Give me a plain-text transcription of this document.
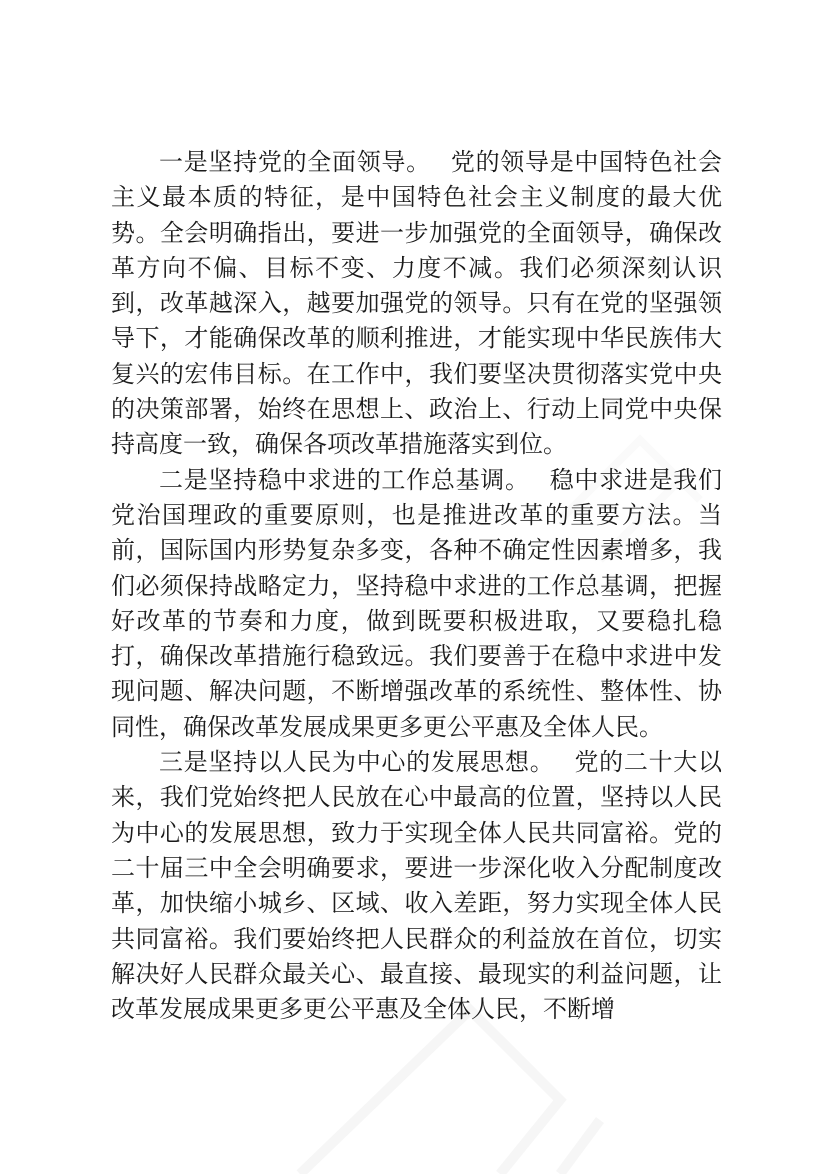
一是坚持党的全面领导。 党的领导是中国特色社会主义最本质的特征，是中国特色社会主义制度的最大优势。全会明确指出，要进一步加强党的全面领导，确保改革方向不偏、目标不变、力度不减。我们必须深刻认识到，改革越深入，越要加强党的领导。只有在党的坚强领导下，才能确保改革的顺利推进，才能实现中华民族伟大复兴的宏伟目标。在工作中，我们要坚决贯彻落实党中央的决策部署，始终在思想上、政治上、行动上同党中央保持高度一致，确保各项改革措施落实到位。

二是坚持稳中求进的工作总基调。 稳中求进是我们党治国理政的重要原则，也是推进改革的重要方法。当前，国际国内形势复杂多变，各种不确定性因素增多，我们必须保持战略定力，坚持稳中求进的工作总基调，把握好改革的节奏和力度，做到既要积极进取，又要稳扎稳打，确保改革措施行稳致远。我们要善于在稳中求进中发现问题、解决问题，不断增强改革的系统性、整体性、协同性，确保改革发展成果更多更公平惠及全体人民。

三是坚持以人民为中心的发展思想。 党的二十大以来，我们党始终把人民放在心中最高的位置，坚持以人民为中心的发展思想，致力于实现全体人民共同富裕。党的二十届三中全会明确要求，要进一步深化收入分配制度改革，加快缩小城乡、区域、收入差距，努力实现全体人民共同富裕。我们要始终把人民群众的利益放在首位，切实解决好人民群众最关心、最直接、最现实的利益问题，让改革发展成果更多更公平惠及全体人民，不断增
